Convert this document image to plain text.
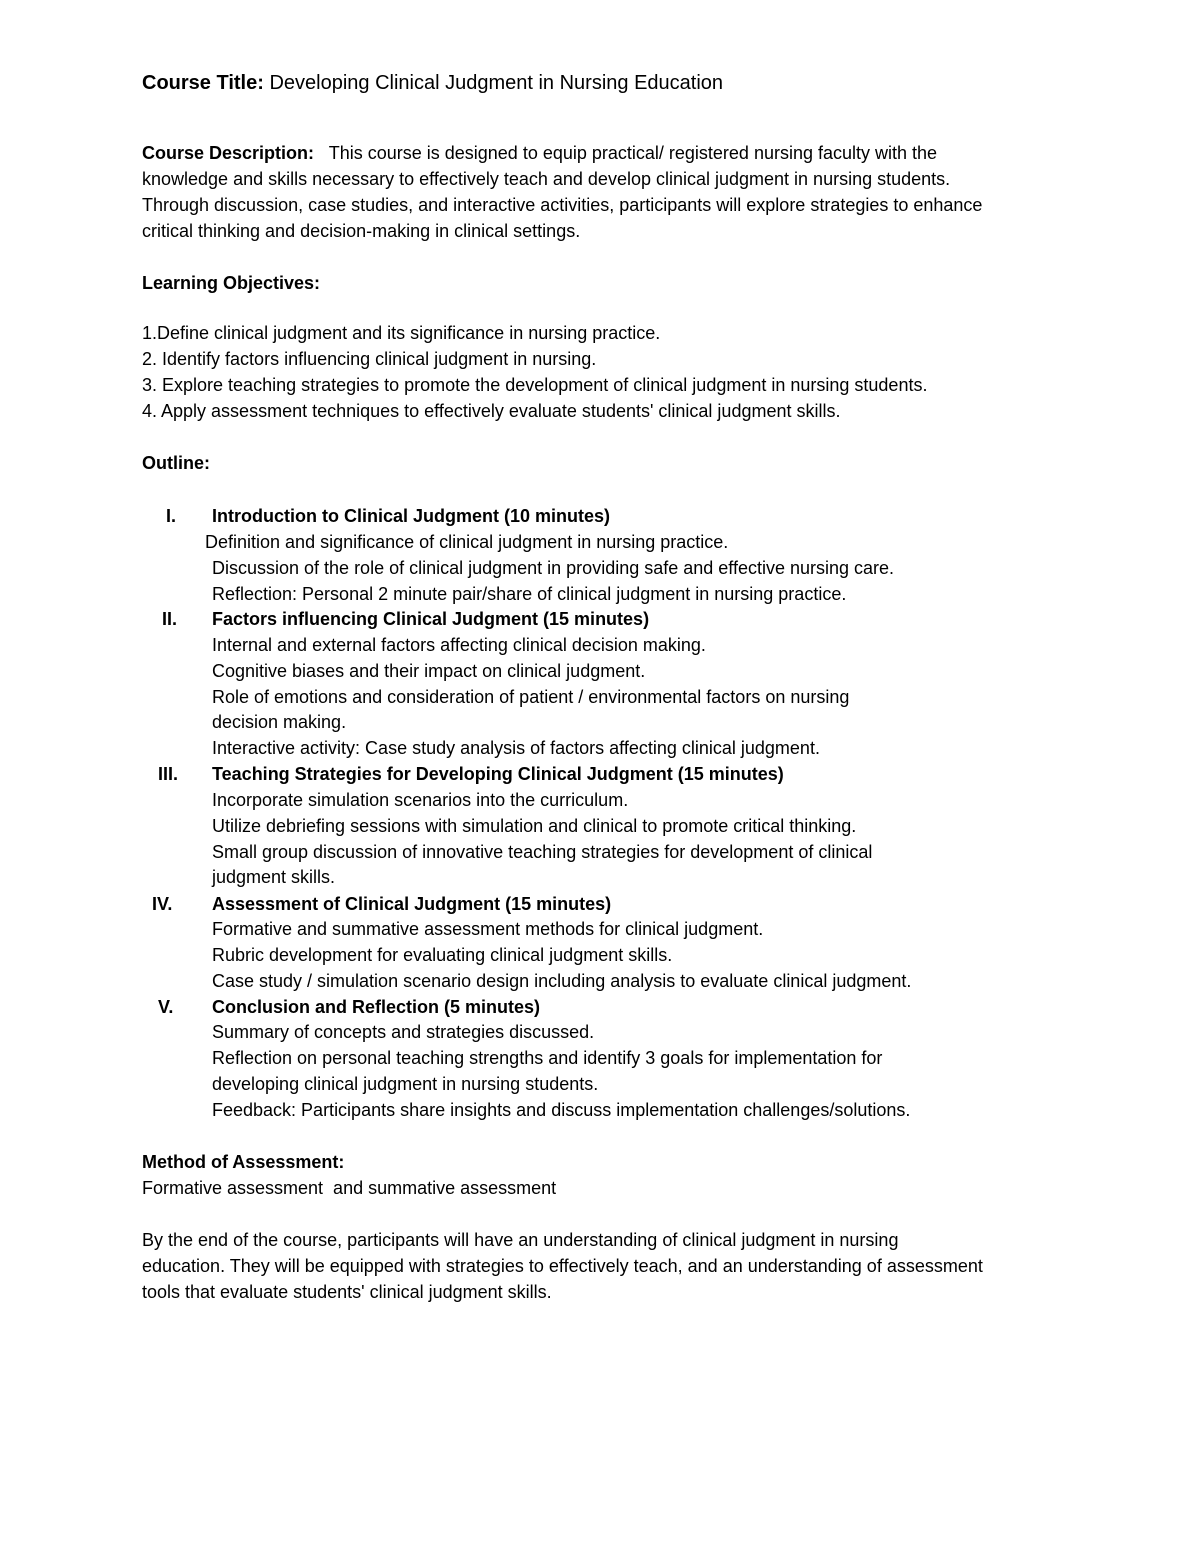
Course Title: Developing Clinical Judgment in Nursing Education
Course Description: This course is designed to equip practical/ registered nursing faculty with the
knowledge and skills necessary to effectively teach and develop clinical judgment in nursing students.
Through discussion, case studies, and interactive activities, participants will explore strategies to enhance
critical thinking and decision-making in clinical settings.
Learning Objectives:
1.Define clinical judgment and its significance in nursing practice.
2. Identify factors influencing clinical judgment in nursing.
3. Explore teaching strategies to promote the development of clinical judgment in nursing students.
4. Apply assessment techniques to effectively evaluate students' clinical judgment skills.
Outline:
I. Introduction to Clinical Judgment (10 minutes)
Definition and significance of clinical judgment in nursing practice.
Discussion of the role of clinical judgment in providing safe and effective nursing care.
Reflection: Personal 2 minute pair/share of clinical judgment in nursing practice.
II. Factors influencing Clinical Judgment (15 minutes)
Internal and external factors affecting clinical decision making.
Cognitive biases and their impact on clinical judgment.
Role of emotions and consideration of patient / environmental factors on nursing
decision making.
Interactive activity: Case study analysis of factors affecting clinical judgment.
III. Teaching Strategies for Developing Clinical Judgment (15 minutes)
Incorporate simulation scenarios into the curriculum.
Utilize debriefing sessions with simulation and clinical to promote critical thinking.
Small group discussion of innovative teaching strategies for development of clinical
judgment skills.
IV. Assessment of Clinical Judgment (15 minutes)
Formative and summative assessment methods for clinical judgment.
Rubric development for evaluating clinical judgment skills.
Case study / simulation scenario design including analysis to evaluate clinical judgment.
V. Conclusion and Reflection (5 minutes)
Summary of concepts and strategies discussed.
Reflection on personal teaching strengths and identify 3 goals for implementation for
developing clinical judgment in nursing students.
Feedback: Participants share insights and discuss implementation challenges/solutions.
Method of Assessment:
Formative assessment  and summative assessment
By the end of the course, participants will have an understanding of clinical judgment in nursing
education. They will be equipped with strategies to effectively teach, and an understanding of assessment
tools that evaluate students' clinical judgment skills.
